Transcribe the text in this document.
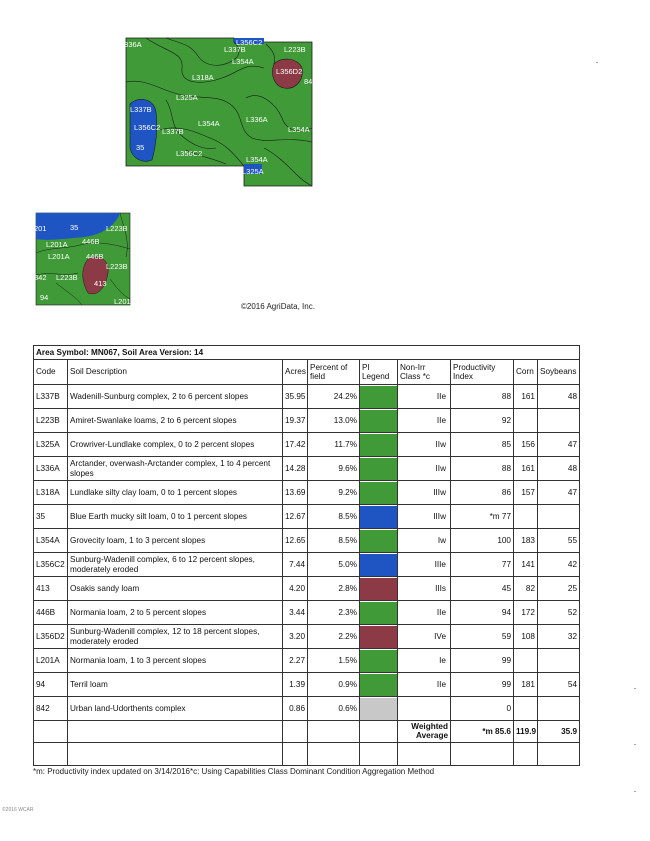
L336A	L356C2
L337B
L354A
L223B
L356D2
842
L318A
L325A
L337B
L356C2
35
L337B
L354A	L336A
L354A
L356C2
L354A
L325A
201	35	L223B
L201A 446B
L201A 446B
L223B
842 L223B
413
94	L201A
©2016 AgriData, Inc.
Area Symbol: MN067, Soil Area Version: 14								
Code	Soil Description	Acres	Percent of field	PI Legend	Non-Irr Class *c	Productivity Index	Corn	Soybeans
L337B	Wadenill-Sunburg complex, 2 to 6 percent slopes	35.95	24.2%		IIe	88	161	48
L223B	Amiret-Swanlake loams, 2 to 6 percent slopes	19.37	13.0%		IIe	92		
L325A	Crowriver-Lundlake complex, 0 to 2 percent slopes	17.42	11.7%		IIw	85	156	47
L336A	Arctander, overwash-Arctander complex, 1 to 4 percent slopes	14.28	9.6%		IIw	88	161	48
L318A	Lundlake silty clay loam, 0 to 1 percent slopes	13.69	9.2%		IIIw	86	157	47
35	Blue Earth mucky silt loam, 0 to 1 percent slopes	12.67	8.5%		IIIw	*m 77		
L354A	Grovecity loam, 1 to 3 percent slopes	12.65	8.5%		Iw	100	183	55
L356C2	Sunburg-Wadenill complex, 6 to 12 percent slopes, moderately eroded	7.44	5.0%		IIIe	77	141	42
413	Osakis sandy loam	4.20	2.8%		IIIs	45	82	25
446B	Normania loam, 2 to 5 percent slopes	3.44	2.3%		IIe	94	172	52
L356D2	Sunburg-Wadenill complex, 12 to 18 percent slopes, moderately eroded	3.20	2.2%		IVe	59	108	32
L201A	Normania loam, 1 to 3 percent slopes	2.27	1.5%		Ie	99		
94	Terril loam	1.39	0.9%		IIe	99	181	54
842	Urban land-Udorthents complex	0.86	0.6%			0		
					Weighted Average	*m 85.6	119.9	35.9

*m: Productivity index updated on 3/14/2016*c: Using Capabilities Class Dominant Condition Aggregation Method
©2016 WCAR
